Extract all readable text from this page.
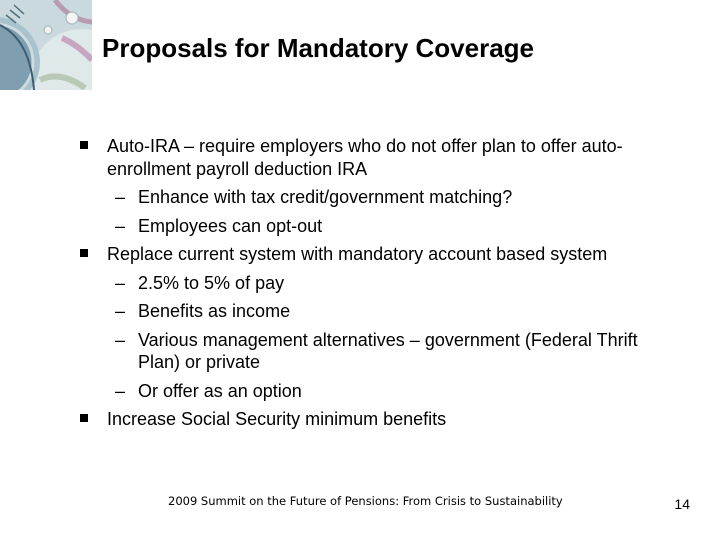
Proposals for Mandatory Coverage
Auto-IRA – require employers who do not offer plan to offer auto-enrollment payroll deduction IRA
– Enhance with tax credit/government matching?
– Employees can opt-out
Replace current system with mandatory account based system
– 2.5% to 5% of pay
– Benefits as income
– Various management alternatives – government (Federal Thrift Plan) or private
– Or offer as an option
Increase Social Security minimum benefits
2009 Summit on the Future of Pensions: From Crisis to Sustainability	14
